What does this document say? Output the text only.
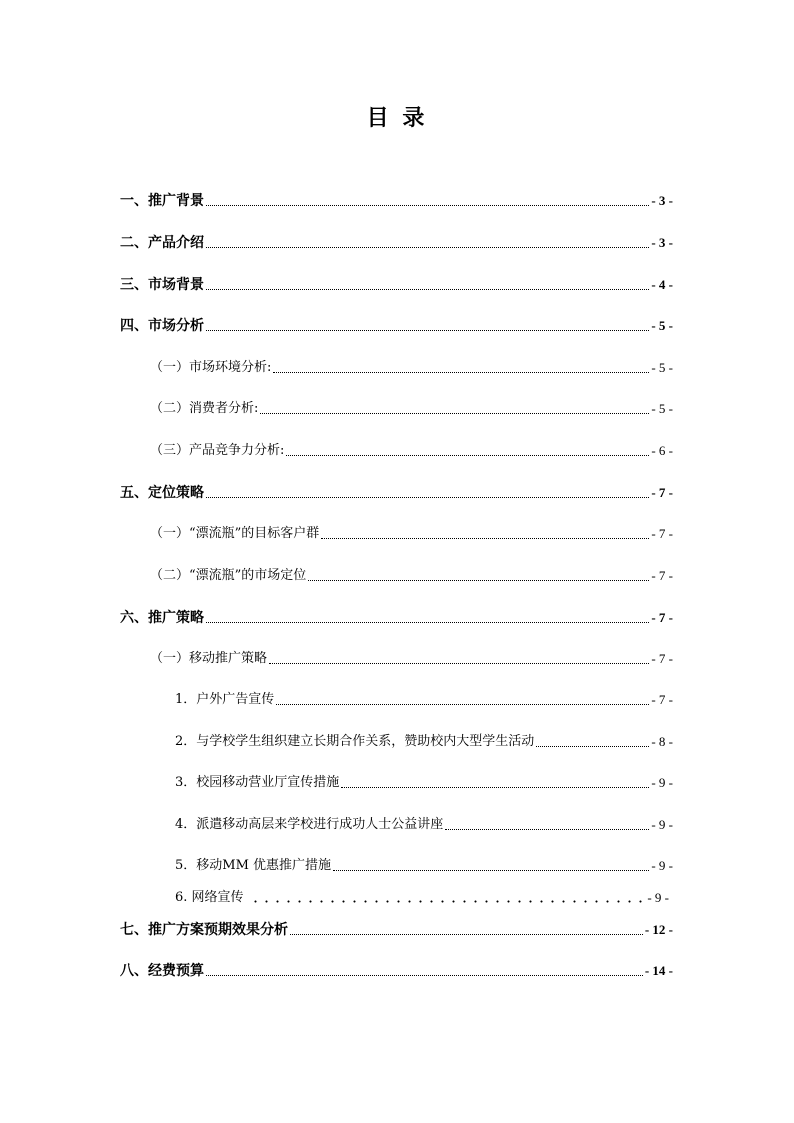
目 录
一、推广背景	- 3 -
二、产品介绍	- 3 -
三、市场背景	- 4 -
四、市场分析	- 5 -
（一）市场环境分析:	- 5 -
（二）消费者分析:	- 5 -
（三）产品竞争力分析:	- 6 -
五、定位策略	- 7 -
（一）“漂流瓶”的目标客户群	- 7 -
（二）“漂流瓶”的市场定位	- 7 -
六、推广策略	- 7 -
（一）移动推广策略	- 7 -
1．户外广告宣传	- 7 -
2．与学校学生组织建立长期合作关系，赞助校内大型学生活动	- 8 -
3．校园移动营业厅宣传措施	- 9 -
4．派遣移动高层来学校进行成功人士公益讲座	- 9 -
5．移动MM 优惠推广措施	- 9 -
6. 网络宣传	- 9 -
七、推广方案预期效果分析	- 12 -
八、经费预算	- 14 -
